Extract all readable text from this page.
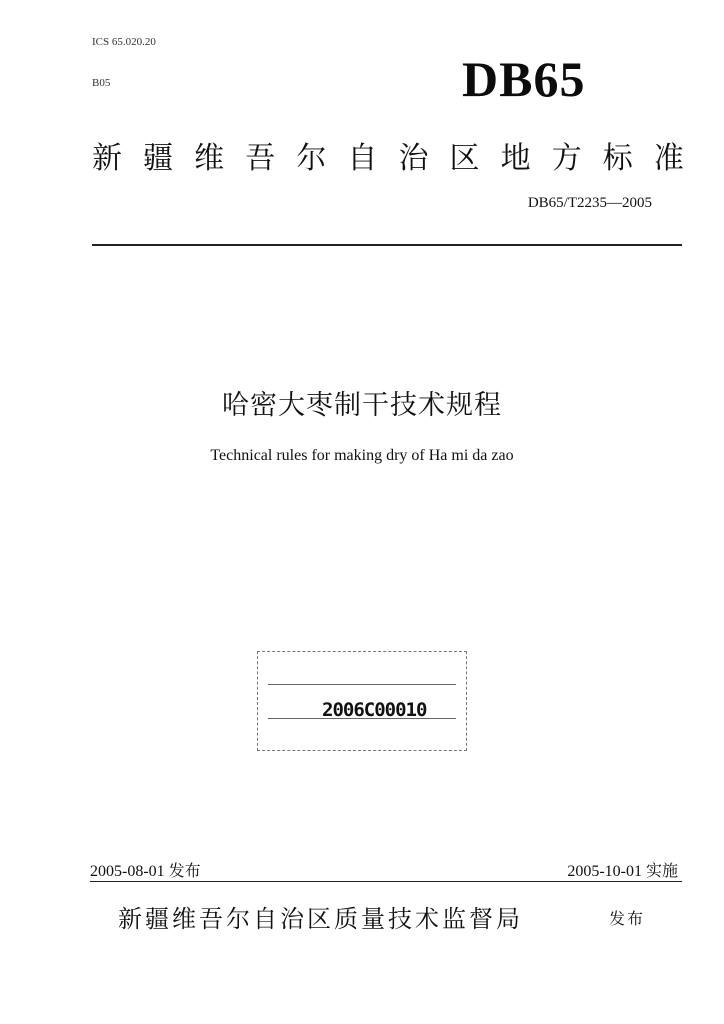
ICS 65.020.20
B05	DB65
新 疆 维 吾 尔 自 治 区 地 方 标 准
DB65/T2235—2005
哈密大枣制干技术规程
Technical rules for making dry of Ha mi da zao
2006C00010
2005-08-01 发布	2005-10-01 实施
新疆维吾尔自治区质量技术监督局	发布
